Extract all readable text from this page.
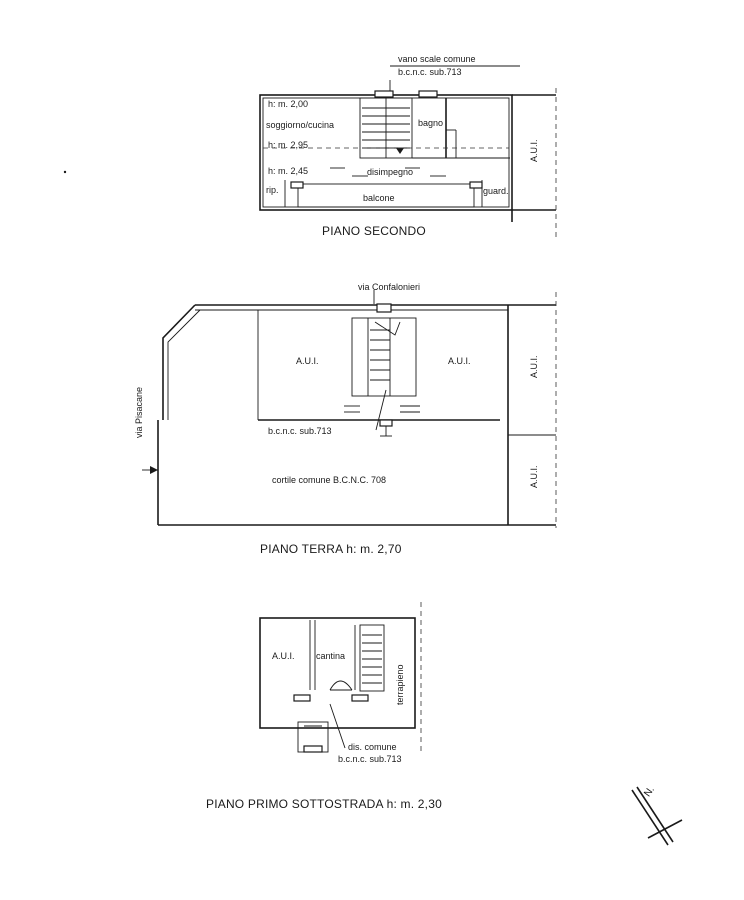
vano scale comune
b.c.n.c. sub.713
h: m. 2,00
soggiorno/cucina
h: m. 2,95
h: m. 2,45
bagno
disimpegno
rip.
balcone
guard.
A.U.I.
PIANO SECONDO
via Confalonieri
via Pisacane
A.U.I.	A.U.I.	A.U.I.
A.U.I.
b.c.n.c. sub.713
cortile comune B.C.N.C. 708
PIANO TERRA h: m. 2,70
A.U.I. cantina
terrapieno
dis. comune
b.c.n.c. sub.713
PIANO PRIMO SOTTOSTRADA h: m. 2,30
N.
